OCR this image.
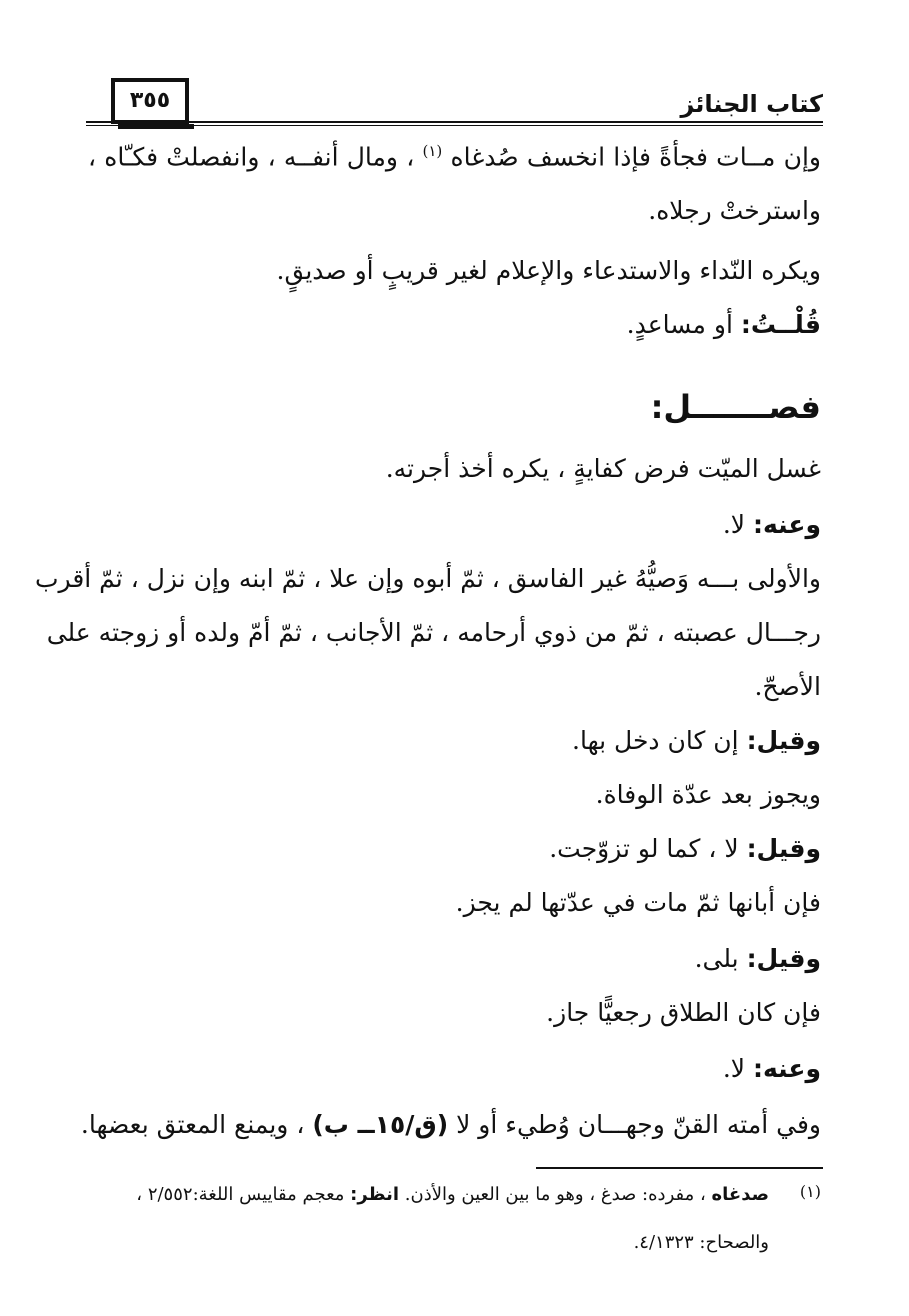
كتاب الجنائز
٣٥٥
وإن مــات فجأةً فإذا انخسف صُدغاه $^{(١)}$ ، ومال أنفــه ، وانفصلتْ فكـّاه ،
واسترختْ رجلاه.
ويكره النّداء والاستدعاء والإعلام لغير قريبٍ أو صديقٍ.
قُلْــتُ: أو مساعدٍ.
فصـــــــل:
غسل الميّت فرض كفايةٍ ، يكره أخذ أجرته.
وعنه: لا.
والأولى بـــه وَصيُّهُ غير الفاسق ، ثمّ أبوه وإن علا ، ثمّ ابنه وإن نزل ، ثمّ أقرب
رجـــال عصبته ، ثمّ من ذوي أرحامه ، ثمّ الأجانب ، ثمّ أمّ ولده أو زوجته على
الأصحّ.
وقيل: إن كان دخل بها.
ويجوز بعد عدّة الوفاة.
وقيل: لا ، كما لو تزوّجت.
فإن أبانها ثمّ مات في عدّتها لم يجز.
وقيل: بلى.
فإن كان الطلاق رجعيًّا جاز.
وعنه: لا.
وفي أمته القنّ وجهـــان وُطيء أو لا (ق/١٥ــ ب) ، ويمنع المعتق بعضها.
(١)
صدغاه ، مفرده: صدغ ، وهو ما بين العين والأذن. انظر: معجم مقاييس اللغة:٢/٥٥٢ ،
والصحاح: ٤/١٣٢٣.
